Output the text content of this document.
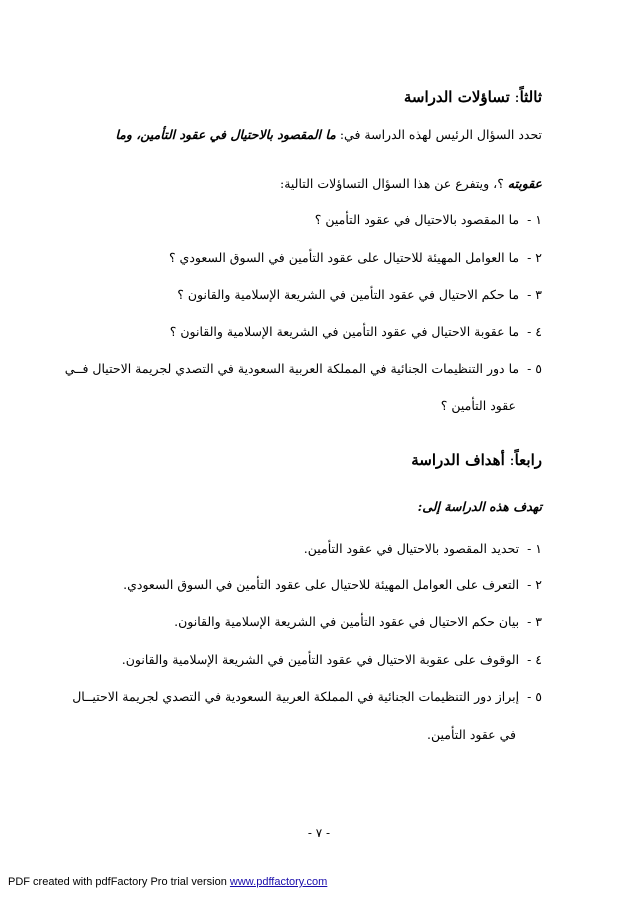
ثالثاً: تساؤلات الدراسة
تحدد السؤال الرئيس لهذه الدراسة في: ما المقصود بالاحتيال في عقود التأمين، وما
عقوبته ؟، ويتفرع عن هذا السؤال التساؤلات التالية:
١ -ما المقصود بالاحتيال في عقود التأمين ؟
٢ -ما العوامل المهيئة للاحتيال على عقود التأمين في السوق السعودي ؟
٣ -ما حكم الاحتيال في عقود التأمين في الشريعة الإسلامية والقانون ؟
٤ -ما عقوبة الاحتيال في عقود التأمين في الشريعة الإسلامية والقانون ؟
٥ -ما دور التنظيمات الجنائية في المملكة العربية السعودية في التصدي لجريمة الاحتيال فــي
عقود التأمين ؟
رابعاً: أهداف الدراسة
تهدف هذه الدراسة إلى:
١ -تحديد المقصود بالاحتيال في عقود التأمين.
٢ -التعرف على العوامل المهيئة للاحتيال على عقود التأمين في السوق السعودي.
٣ -بيان حكم الاحتيال في عقود التأمين في الشريعة الإسلامية والقانون.
٤ -الوقوف على عقوبة الاحتيال في عقود التأمين في الشريعة الإسلامية والقانون.
٥ -إبراز دور التنظيمات الجنائية في المملكة العربية السعودية في التصدي لجريمة الاحتيــال
في عقود التأمين.
- ٧ -
PDF created with pdfFactory Pro trial version www.pdffactory.com
